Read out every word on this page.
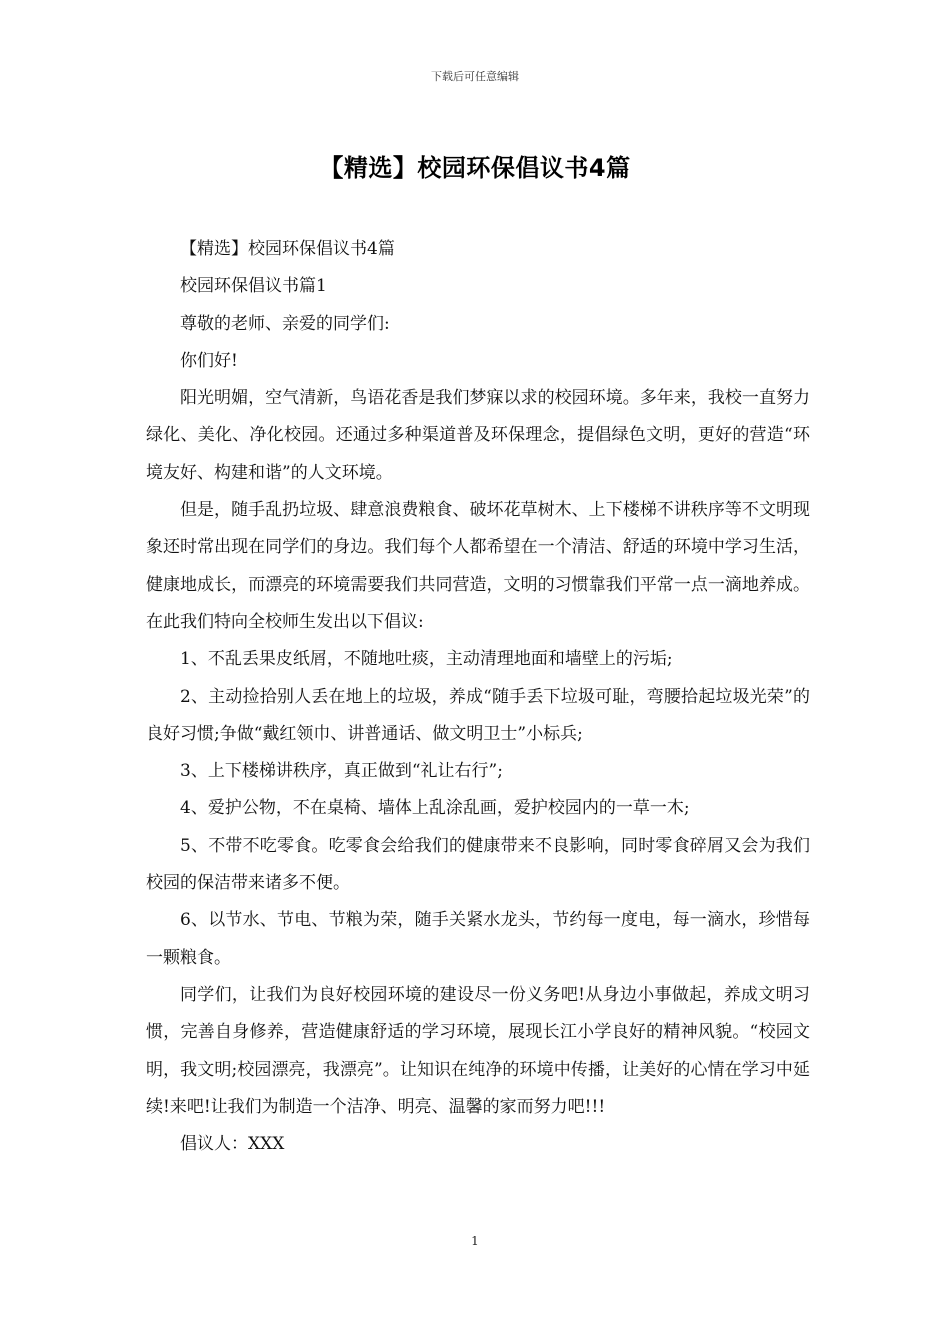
下载后可任意编辑
【精选】校园环保倡议书4篇

【精选】校园环保倡议书4篇

校园环保倡议书篇1

尊敬的老师、亲爱的同学们:

你们好!

阳光明媚，空气清新，鸟语花香是我们梦寐以求的校园环境。多年来，我校一直努力绿化、美化、净化校园。还通过多种渠道普及环保理念，提倡绿色文明，更好的营造“环境友好、构建和谐”的人文环境。

但是，随手乱扔垃圾、肆意浪费粮食、破坏花草树木、上下楼梯不讲秩序等不文明现象还时常出现在同学们的身边。我们每个人都希望在一个清洁、舒适的环境中学习生活，健康地成长，而漂亮的环境需要我们共同营造，文明的习惯靠我们平常一点一滴地养成。在此我们特向全校师生发出以下倡议:

1、不乱丢果皮纸屑，不随地吐痰，主动清理地面和墙壁上的污垢;

2、主动捡拾别人丢在地上的垃圾，养成“随手丢下垃圾可耻，弯腰拾起垃圾光荣”的良好习惯;争做“戴红领巾、讲普通话、做文明卫士”小标兵;

3、上下楼梯讲秩序，真正做到“礼让右行”;

4、爱护公物，不在桌椅、墙体上乱涂乱画，爱护校园内的一草一木;

5、不带不吃零食。吃零食会给我们的健康带来不良影响，同时零食碎屑又会为我们校园的保洁带来诸多不便。

6、以节水、节电、节粮为荣，随手关紧水龙头，节约每一度电，每一滴水，珍惜每一颗粮食。

同学们，让我们为良好校园环境的建设尽一份义务吧!从身边小事做起，养成文明习惯，完善自身修养，营造健康舒适的学习环境，展现长江小学良好的精神风貌。“校园文明，我文明;校园漂亮，我漂亮”。让知识在纯净的环境中传播，让美好的心情在学习中延续!来吧!让我们为制造一个洁净、明亮、温馨的家而努力吧!!!

倡议人：XXX

1
